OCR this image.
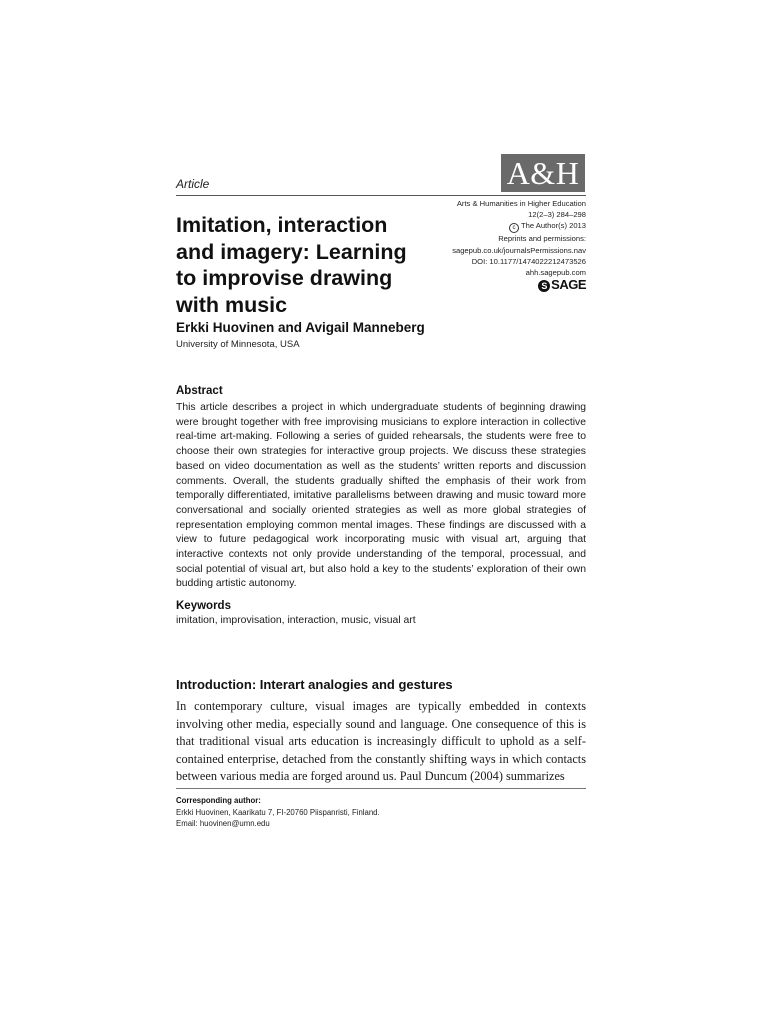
Article	A&H
Imitation, interaction and imagery: Learning to improvise drawing with music
Arts & Humanities in Higher Education
12(2–3) 284–298
c The Author(s) 2013
Reprints and permissions:
sagepub.co.uk/journalsPermissions.nav
DOI: 10.1177/1474022212473526
ahh.sagepub.com
S SAGE
Erkki Huovinen and Avigail Manneberg
University of Minnesota, USA
Abstract
This article describes a project in which undergraduate students of beginning drawing were brought together with free improvising musicians to explore interaction in collective real-time art-making. Following a series of guided rehearsals, the students were free to choose their own strategies for interactive group projects. We discuss these strategies based on video documentation as well as the students’ written reports and discussion comments. Overall, the students gradually shifted the emphasis of their work from temporally differentiated, imitative parallelisms between drawing and music toward more conversational and socially oriented strategies as well as more global strategies of representation employing common mental images. These findings are discussed with a view to future pedagogical work incorporating music with visual art, arguing that interactive contexts not only provide understanding of the temporal, processual, and social potential of visual art, but also hold a key to the students’ exploration of their own budding artistic autonomy.
Keywords
imitation, improvisation, interaction, music, visual art
Introduction: Interart analogies and gestures
In contemporary culture, visual images are typically embedded in contexts involving other media, especially sound and language. One consequence of this is that traditional visual arts education is increasingly difficult to uphold as a self-contained enterprise, detached from the constantly shifting ways in which contacts between various media are forged around us. Paul Duncum (2004) summarizes
Corresponding author:
Erkki Huovinen, Kaarikatu 7, FI-20760 Piispanristi, Finland.
Email: huovinen@umn.edu
